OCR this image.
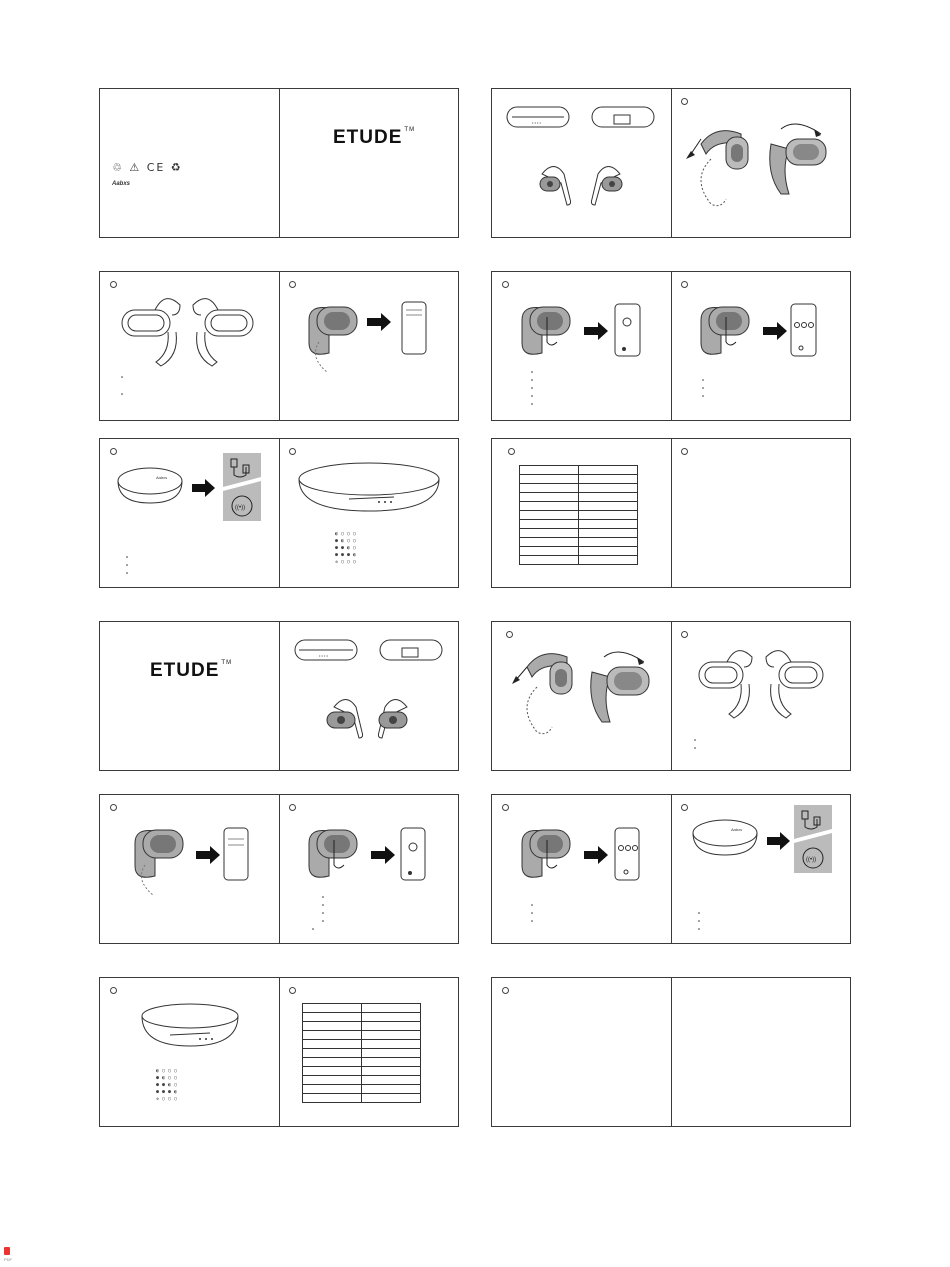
♲ ⚠ CE ♻
Aabxs
ETUDE ™
• • • •
Aabxs
((•))
◐ ○ ○ ○
● ◐ ○ ○
● ● ◐ ○
● ● ● ◐
✲ ○ ○ ○

ETUDE ™
• • • •
Aabxs
((•))
◐ ○ ○ ○
● ◐ ○ ○
● ● ◐ ○
● ● ● ◐
✲ ○ ○ ○

PDF
